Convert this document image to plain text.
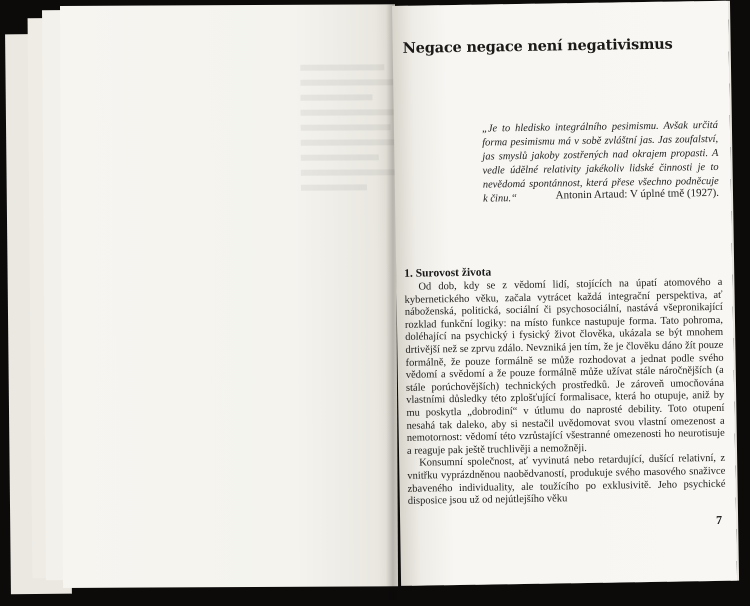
Negace negace není negativismus
„Je to hledisko integrálního pesimismu. Avšak určitá forma pesimismu má v sobě zvláštní jas. Jas zoufalství, jas smyslů jakoby zostřených nad okrajem propasti. A vedle údělné relativity jakékoliv lidské činnosti je to nevědomá spontánnost, která přese všechno podněcuje k činu.“	Antonin Artaud: V úplné tmě (1927).
1. Surovost života

Od dob, kdy se z vědomí lidí, stojících na úpatí atomového a kybernetického věku, začala vytrácet každá integrační perspektiva, ať náboženská, politická, sociální či psychosociální, nastává všepronikající rozklad funkční logiky: na místo funkce nastupuje forma. Tato pohroma, doléhající na psychický i fysický život člověka, ukázala se být mnohem drtivější než se zprvu zdálo. Nevzniká jen tím, že je člověku dáno žít pouze formálně, že pouze formálně se může rozhodovat a jednat podle svého vědomí a svědomí a že pouze formálně může užívat stále náročnějších (a stále porúchovějších) technických prostředků. Je zároveň umocňována vlastními důsledky této zplošťující formalisace, která ho otupuje, aniž by mu poskytla „dobrodiní“ v útlumu do naprosté debility. Toto otupení nesahá tak daleko, aby si nestačil uvědomovat svou vlastní omezenost a nemotornost: vědomí této vzrůstající všestranné omezenosti ho neurotisuje a reaguje pak ještě truchlivěji a nemožněji.

Konsumní společnost, ať vyvinutá nebo retardující, dušící relativní, z vnitřku vyprázdněnou naobědvaností, produkuje svého masového snaživce zbaveného individuality, ale toužícího po exklusivitě. Jeho psychické disposice jsou už od nejútlejšího věku

7
